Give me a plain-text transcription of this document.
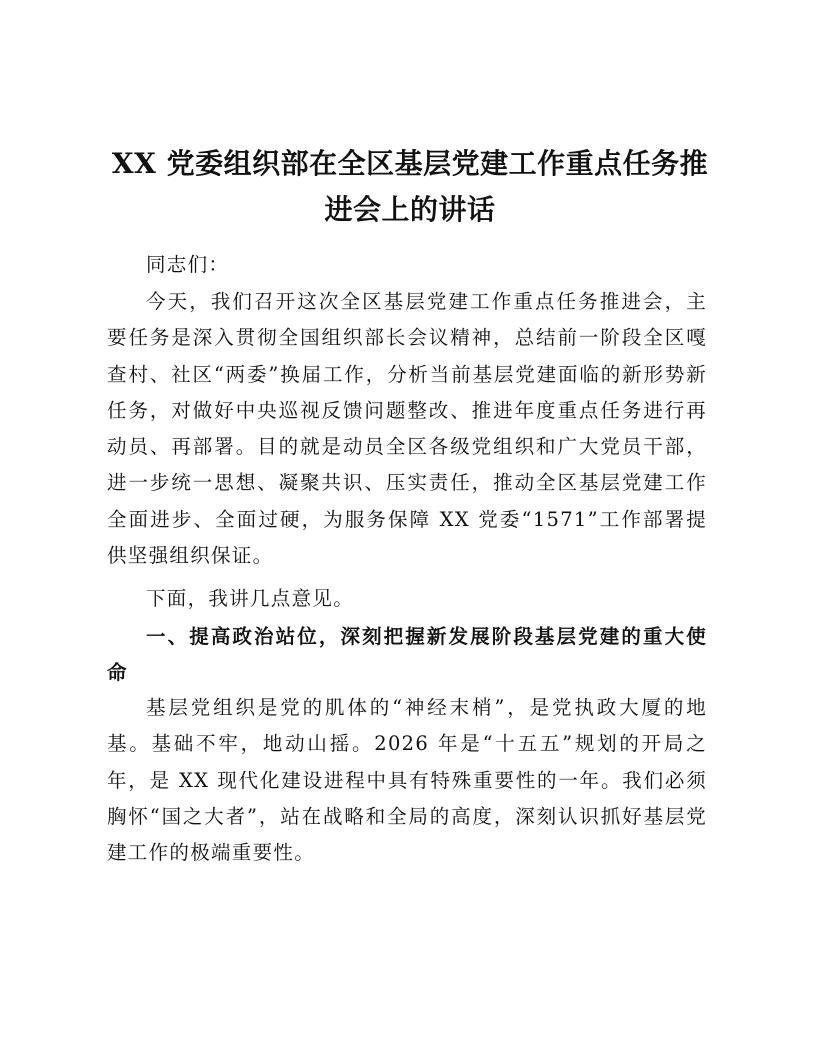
XX 党委组织部在全区基层党建工作重点任务推进会上的讲话

同志们：

今天，我们召开这次全区基层党建工作重点任务推进会，主要任务是深入贯彻全国组织部长会议精神，总结前一阶段全区嘎查村、社区“两委”换届工作，分析当前基层党建面临的新形势新任务，对做好中央巡视反馈问题整改、推进年度重点任务进行再动员、再部署。目的就是动员全区各级党组织和广大党员干部，进一步统一思想、凝聚共识、压实责任，推动全区基层党建工作全面进步、全面过硬，为服务保障 XX 党委“1571”工作部署提供坚强组织保证。

下面，我讲几点意见。

一、提高政治站位，深刻把握新发展阶段基层党建的重大使命

基层党组织是党的肌体的“神经末梢”，是党执政大厦的地基。基础不牢，地动山摇。2026 年是“十五五”规划的开局之年，是 XX 现代化建设进程中具有特殊重要性的一年。我们必须胸怀“国之大者”，站在战略和全局的高度，深刻认识抓好基层党建工作的极端重要性。
